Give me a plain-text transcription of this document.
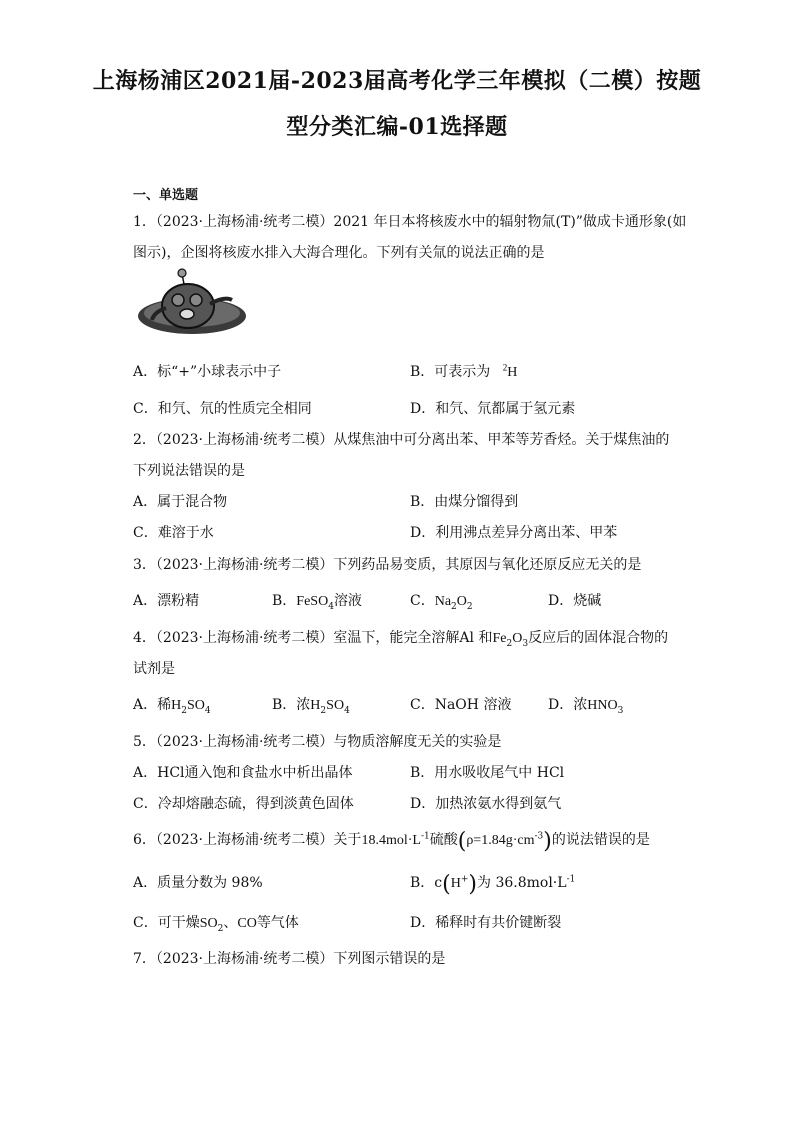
上海杨浦区2021届-2023届高考化学三年模拟（二模）按题
型分类汇编-01选择题
一、单选题
1．（2023·上海杨浦·统考二模）2021 年日本将核废水中的辐射物氚(T)”做成卡通形象(如
图示)，企图将核废水排入大海合理化。下列有关氚的说法正确的是
A．标“+”小球表示中子	B．可表示为 $^2$H
C．和氕、氘的性质完全相同	D．和氕、氘都属于氢元素
2．（2023·上海杨浦·统考二模）从煤焦油中可分离出苯、甲苯等芳香烃。关于煤焦油的
下列说法错误的是
A．属于混合物	B．由煤分馏得到
C．难溶于水	D．利用沸点差异分离出苯、甲苯
3．（2023·上海杨浦·统考二模）下列药品易变质，其原因与氧化还原反应无关的是
A．漂粉精	B．FeSO$_4$溶液	C．$Na_2O_2$	D．烧碱
4．（2023·上海杨浦·统考二模）室温下，能完全溶解Al 和$Fe_2O_3$反应后的固体混合物的
试剂是
A．稀$H_2SO_4$	B．浓$H_2SO_4$	C．NaOH 溶液	D．浓$HNO_3$
5．（2023·上海杨浦·统考二模）与物质溶解度无关的实验是
A．HCl通入饱和食盐水中析出晶体	B．用水吸收尾气中 HCl
C．冷却熔融态硫，得到淡黄色固体	D．加热浓氨水得到氨气
6．（2023·上海杨浦·统考二模）关于$18.4mol\cdot L^{-1}$硫酸$(\rho=1.84g\cdot cm^{-3})$的说法错误的是
A．质量分数为 98%	B．c(H+)为 $36.8mol\cdot L^{-1}$
C．可干燥$SO_2$、CO等气体	D．稀释时有共价键断裂
7．（2023·上海杨浦·统考二模）下列图示错误的是
